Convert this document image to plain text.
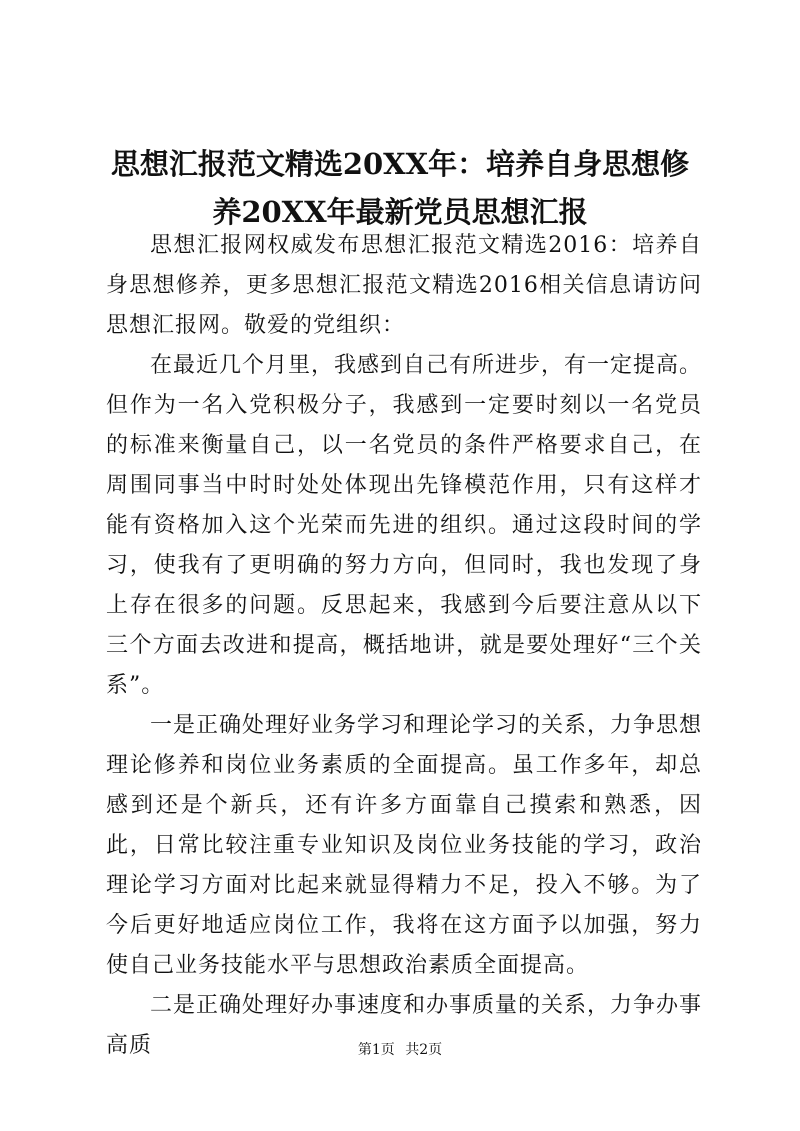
思想汇报范文精选20XX年：培养自身思想修养20XX年最新党员思想汇报

思想汇报网权威发布思想汇报范文精选2016：培养自身思想修养，更多思想汇报范文精选2016相关信息请访问思想汇报网。敬爱的党组织：

在最近几个月里，我感到自己有所进步，有一定提高。但作为一名入党积极分子，我感到一定要时刻以一名党员的标准来衡量自己，以一名党员的条件严格要求自己，在周围同事当中时时处处体现出先锋模范作用，只有这样才能有资格加入这个光荣而先进的组织。通过这段时间的学习，使我有了更明确的努力方向，但同时，我也发现了身上存在很多的问题。反思起来，我感到今后要注意从以下三个方面去改进和提高，概括地讲，就是要处理好“三个关系”。

一是正确处理好业务学习和理论学习的关系，力争思想理论修养和岗位业务素质的全面提高。虽工作多年，却总感到还是个新兵，还有许多方面靠自己摸索和熟悉，因此，日常比较注重专业知识及岗位业务技能的学习，政治理论学习方面对比起来就显得精力不足，投入不够。为了今后更好地适应岗位工作，我将在这方面予以加强，努力使自己业务技能水平与思想政治素质全面提高。

二是正确处理好办事速度和办事质量的关系，力争办事高质	第1页 共2页
